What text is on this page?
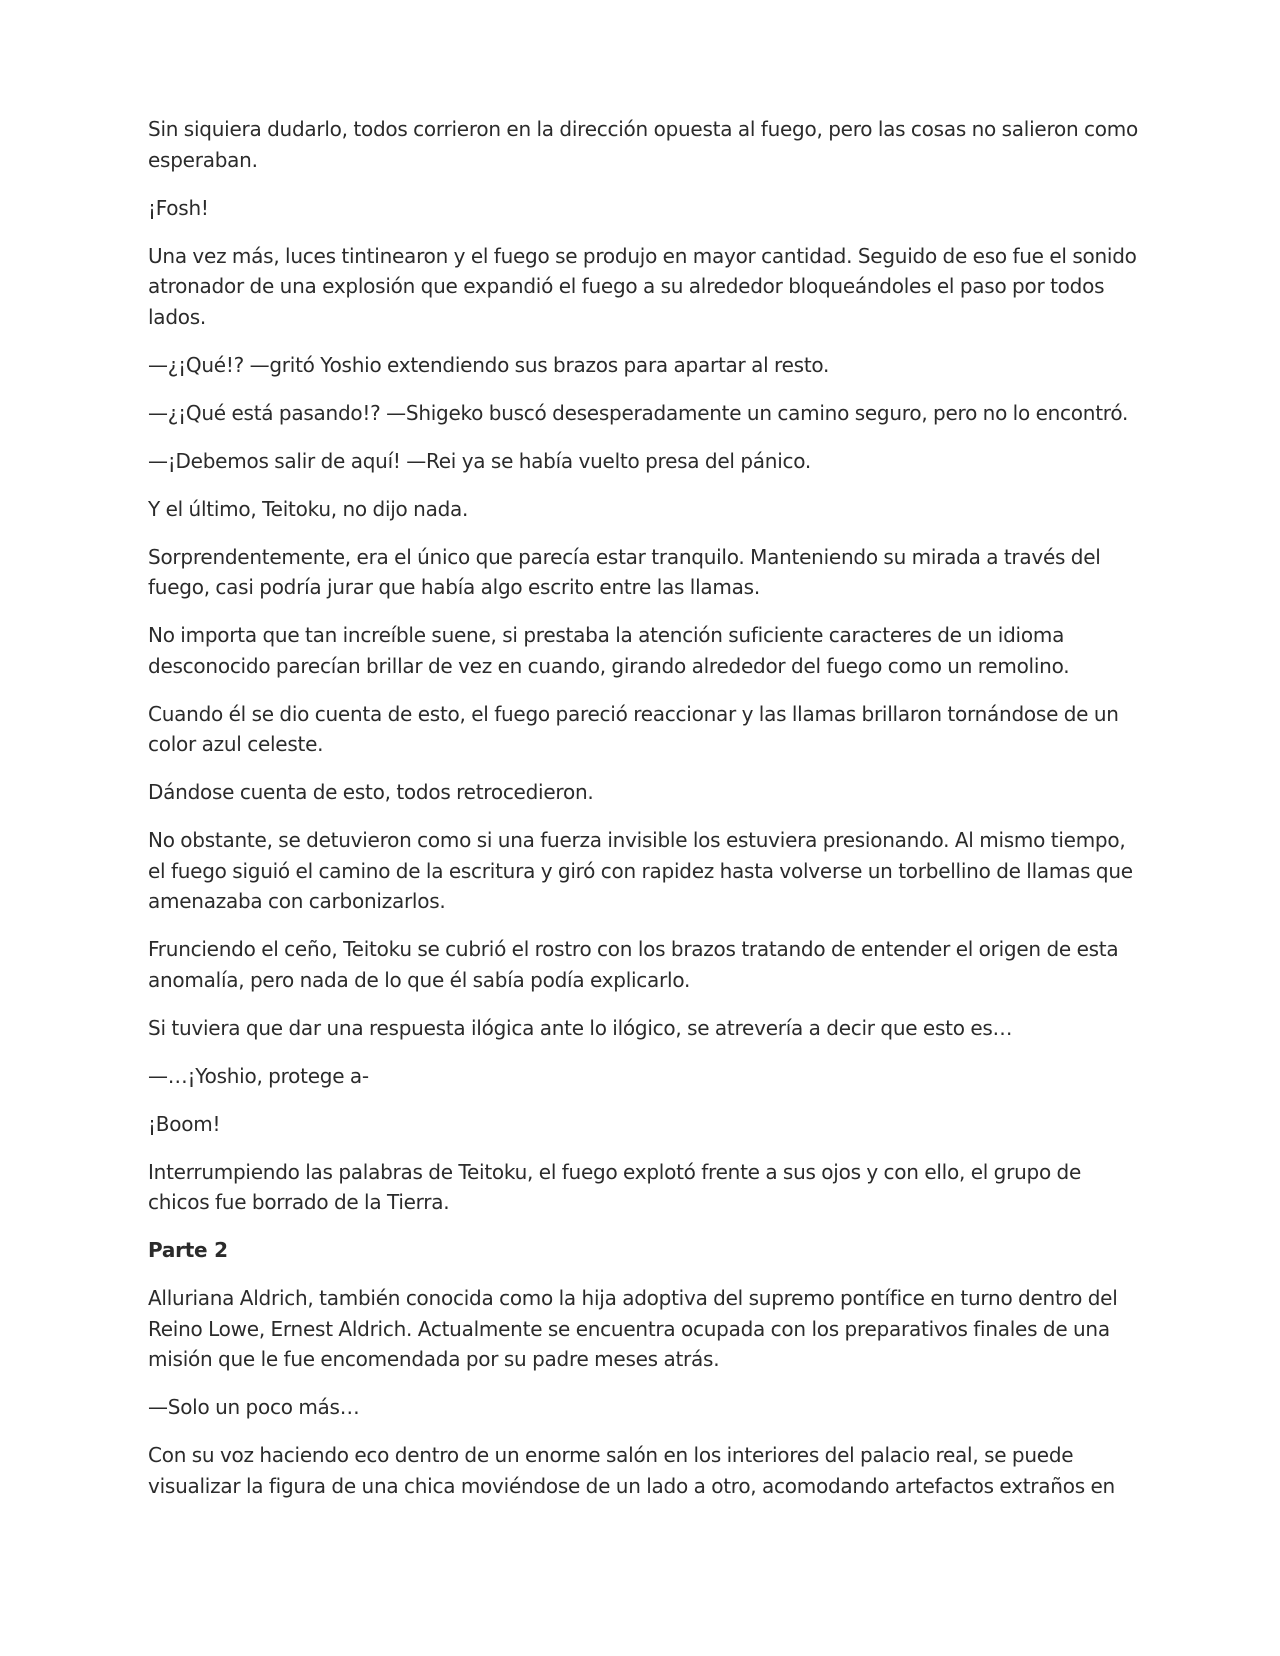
Sin siquiera dudarlo, todos corrieron en la dirección opuesta al fuego, pero las cosas no salieron como esperaban.

¡Fosh!

Una vez más, luces tintinearon y el fuego se produjo en mayor cantidad. Seguido de eso fue el sonido atronador de una explosión que expandió el fuego a su alrededor bloqueándoles el paso por todos lados.

—¿¡Qué!? —gritó Yoshio extendiendo sus brazos para apartar al resto.

—¿¡Qué está pasando!? —Shigeko buscó desesperadamente un camino seguro, pero no lo encontró.

—¡Debemos salir de aquí! —Rei ya se había vuelto presa del pánico.

Y el último, Teitoku, no dijo nada.

Sorprendentemente, era el único que parecía estar tranquilo. Manteniendo su mirada a través del fuego, casi podría jurar que había algo escrito entre las llamas.

No importa que tan increíble suene, si prestaba la atención suficiente caracteres de un idioma desconocido parecían brillar de vez en cuando, girando alrededor del fuego como un remolino.

Cuando él se dio cuenta de esto, el fuego pareció reaccionar y las llamas brillaron tornándose de un color azul celeste.

Dándose cuenta de esto, todos retrocedieron.

No obstante, se detuvieron como si una fuerza invisible los estuviera presionando. Al mismo tiempo, el fuego siguió el camino de la escritura y giró con rapidez hasta volverse un torbellino de llamas que amenazaba con carbonizarlos.

Frunciendo el ceño, Teitoku se cubrió el rostro con los brazos tratando de entender el origen de esta anomalía, pero nada de lo que él sabía podía explicarlo.

Si tuviera que dar una respuesta ilógica ante lo ilógico, se atrevería a decir que esto es…

—…¡Yoshio, protege a-

¡Boom!

Interrumpiendo las palabras de Teitoku, el fuego explotó frente a sus ojos y con ello, el grupo de chicos fue borrado de la Tierra.

Parte 2

Alluriana Aldrich, también conocida como la hija adoptiva del supremo pontífice en turno dentro del Reino Lowe, Ernest Aldrich. Actualmente se encuentra ocupada con los preparativos finales de una misión que le fue encomendada por su padre meses atrás.

—Solo un poco más…

Con su voz haciendo eco dentro de un enorme salón en los interiores del palacio real, se puede visualizar la figura de una chica moviéndose de un lado a otro, acomodando artefactos extraños en
